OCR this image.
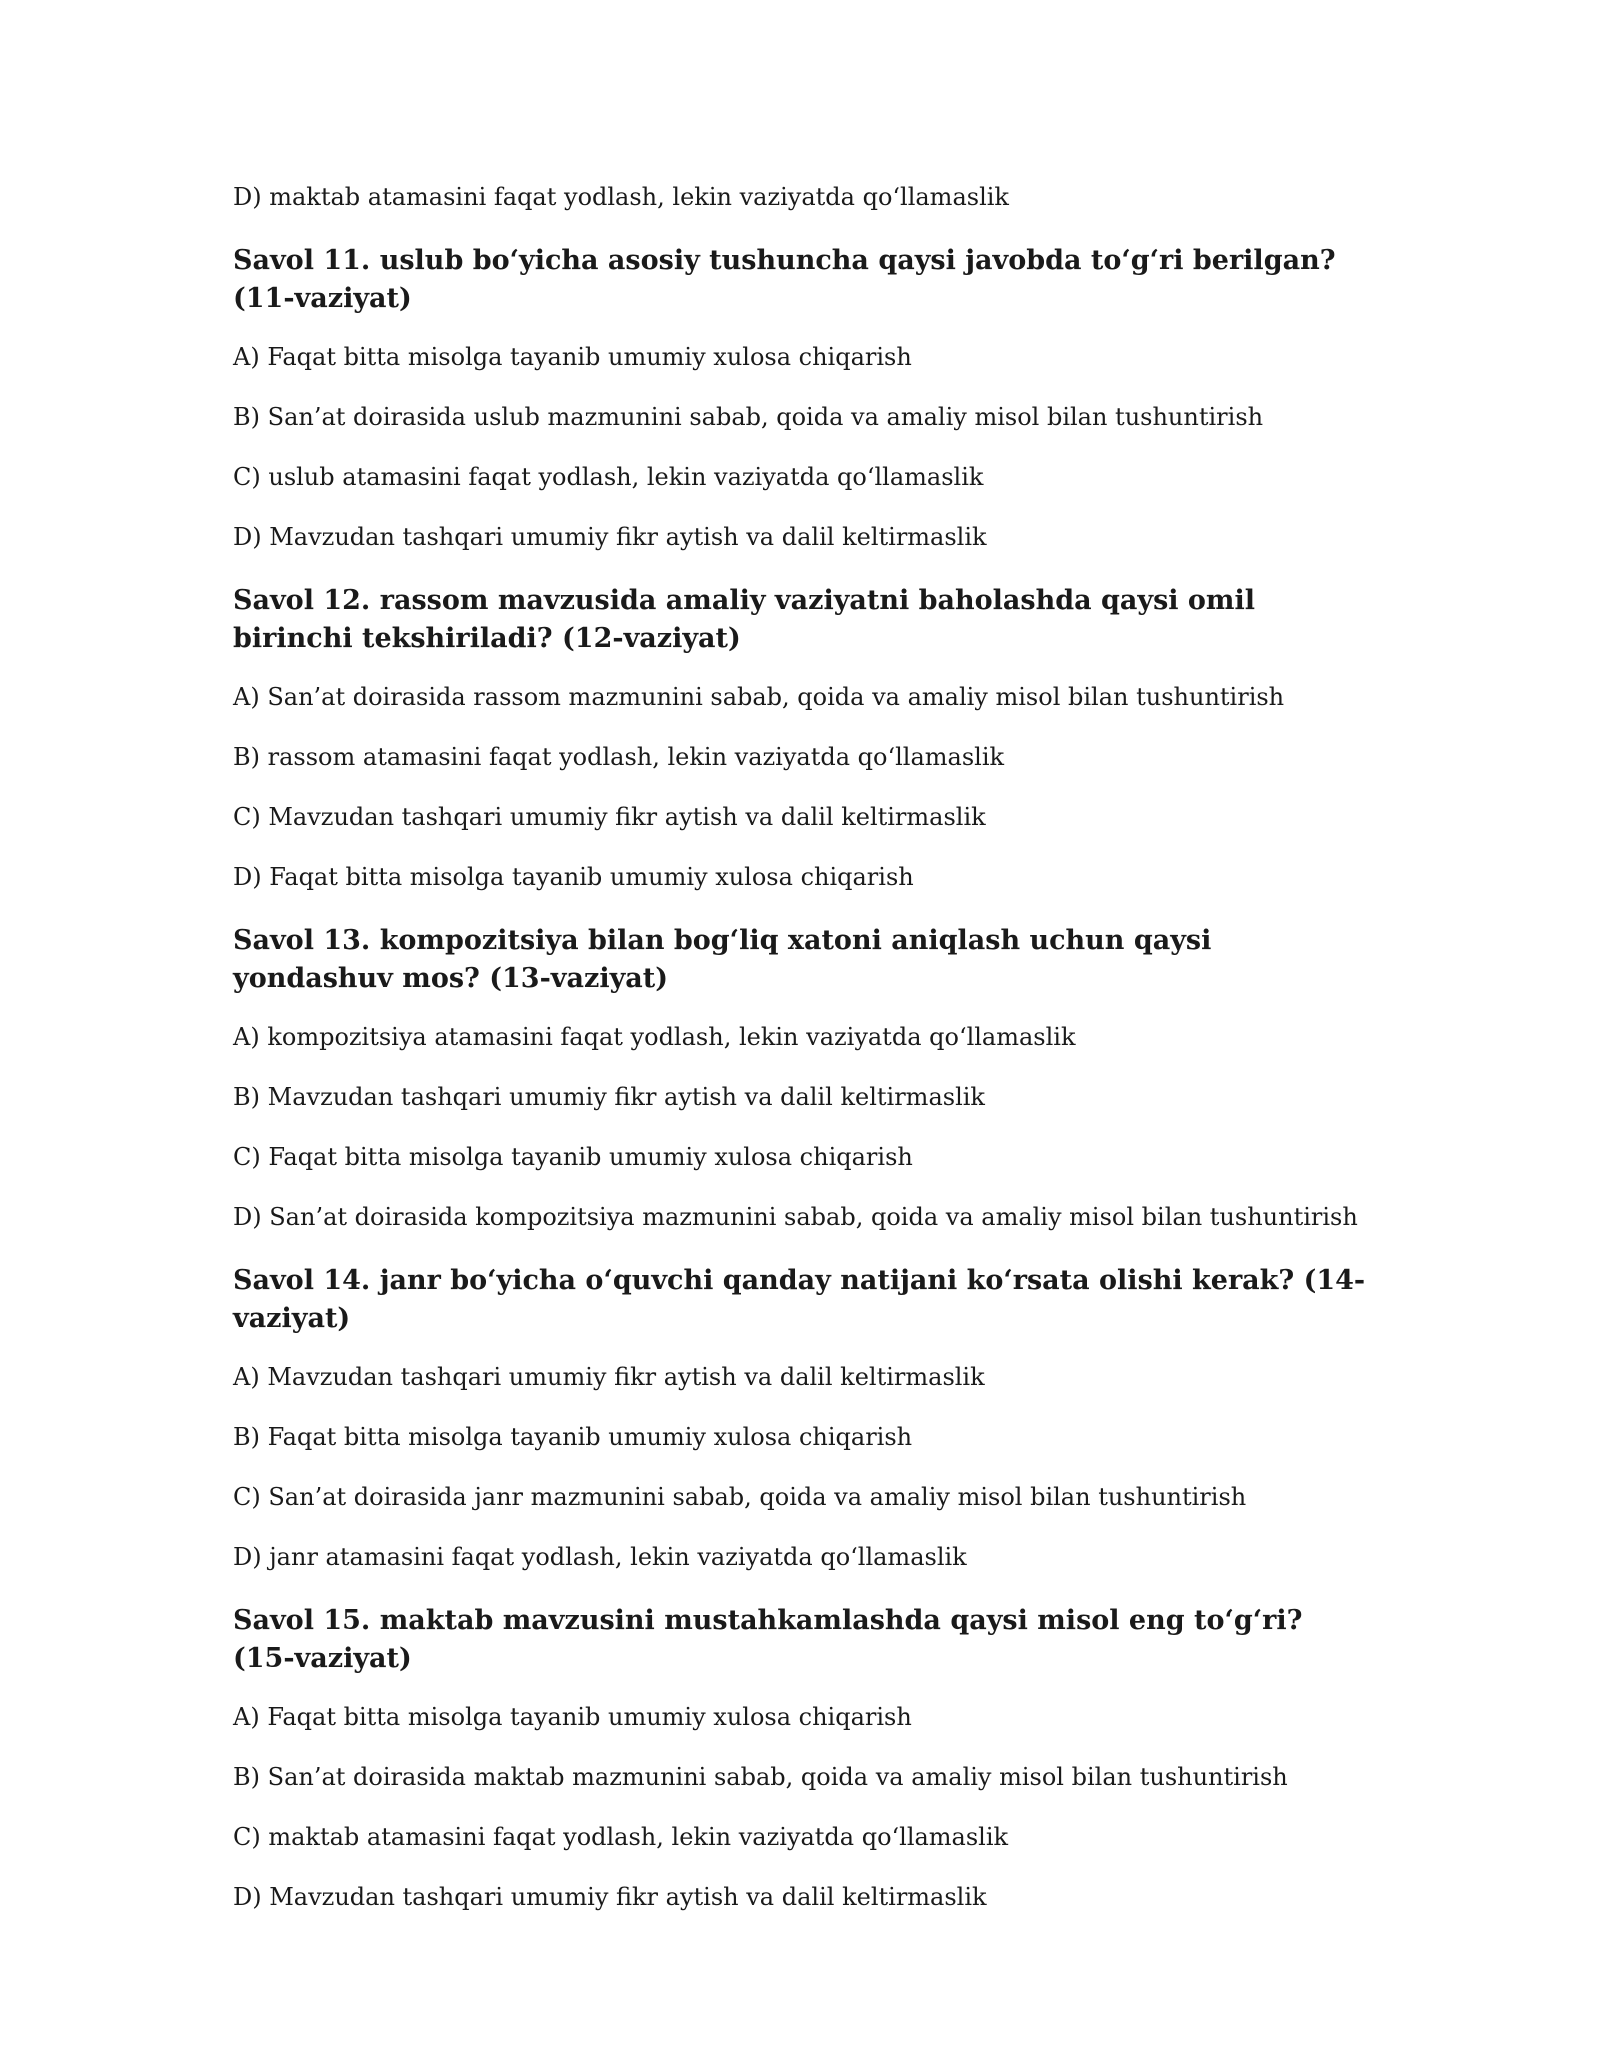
D) maktab atamasini faqat yodlash, lekin vaziyatda qo‘llamaslik

Savol 11. uslub bo‘yicha asosiy tushuncha qaysi javobda to‘g‘ri berilgan? (11-vaziyat)

A) Faqat bitta misolga tayanib umumiy xulosa chiqarish

B) San’at doirasida uslub mazmunini sabab, qoida va amaliy misol bilan tushuntirish

C) uslub atamasini faqat yodlash, lekin vaziyatda qo‘llamaslik

D) Mavzudan tashqari umumiy fikr aytish va dalil keltirmaslik

Savol 12. rassom mavzusida amaliy vaziyatni baholashda qaysi omil birinchi tekshiriladi? (12-vaziyat)

A) San’at doirasida rassom mazmunini sabab, qoida va amaliy misol bilan tushuntirish

B) rassom atamasini faqat yodlash, lekin vaziyatda qo‘llamaslik

C) Mavzudan tashqari umumiy fikr aytish va dalil keltirmaslik

D) Faqat bitta misolga tayanib umumiy xulosa chiqarish

Savol 13. kompozitsiya bilan bog‘liq xatoni aniqlash uchun qaysi yondashuv mos? (13-vaziyat)

A) kompozitsiya atamasini faqat yodlash, lekin vaziyatda qo‘llamaslik

B) Mavzudan tashqari umumiy fikr aytish va dalil keltirmaslik

C) Faqat bitta misolga tayanib umumiy xulosa chiqarish

D) San’at doirasida kompozitsiya mazmunini sabab, qoida va amaliy misol bilan tushuntirish

Savol 14. janr bo‘yicha o‘quvchi qanday natijani ko‘rsata olishi kerak? (14-vaziyat)

A) Mavzudan tashqari umumiy fikr aytish va dalil keltirmaslik

B) Faqat bitta misolga tayanib umumiy xulosa chiqarish

C) San’at doirasida janr mazmunini sabab, qoida va amaliy misol bilan tushuntirish

D) janr atamasini faqat yodlash, lekin vaziyatda qo‘llamaslik

Savol 15. maktab mavzusini mustahkamlashda qaysi misol eng to‘g‘ri? (15-vaziyat)

A) Faqat bitta misolga tayanib umumiy xulosa chiqarish

B) San’at doirasida maktab mazmunini sabab, qoida va amaliy misol bilan tushuntirish

C) maktab atamasini faqat yodlash, lekin vaziyatda qo‘llamaslik

D) Mavzudan tashqari umumiy fikr aytish va dalil keltirmaslik
